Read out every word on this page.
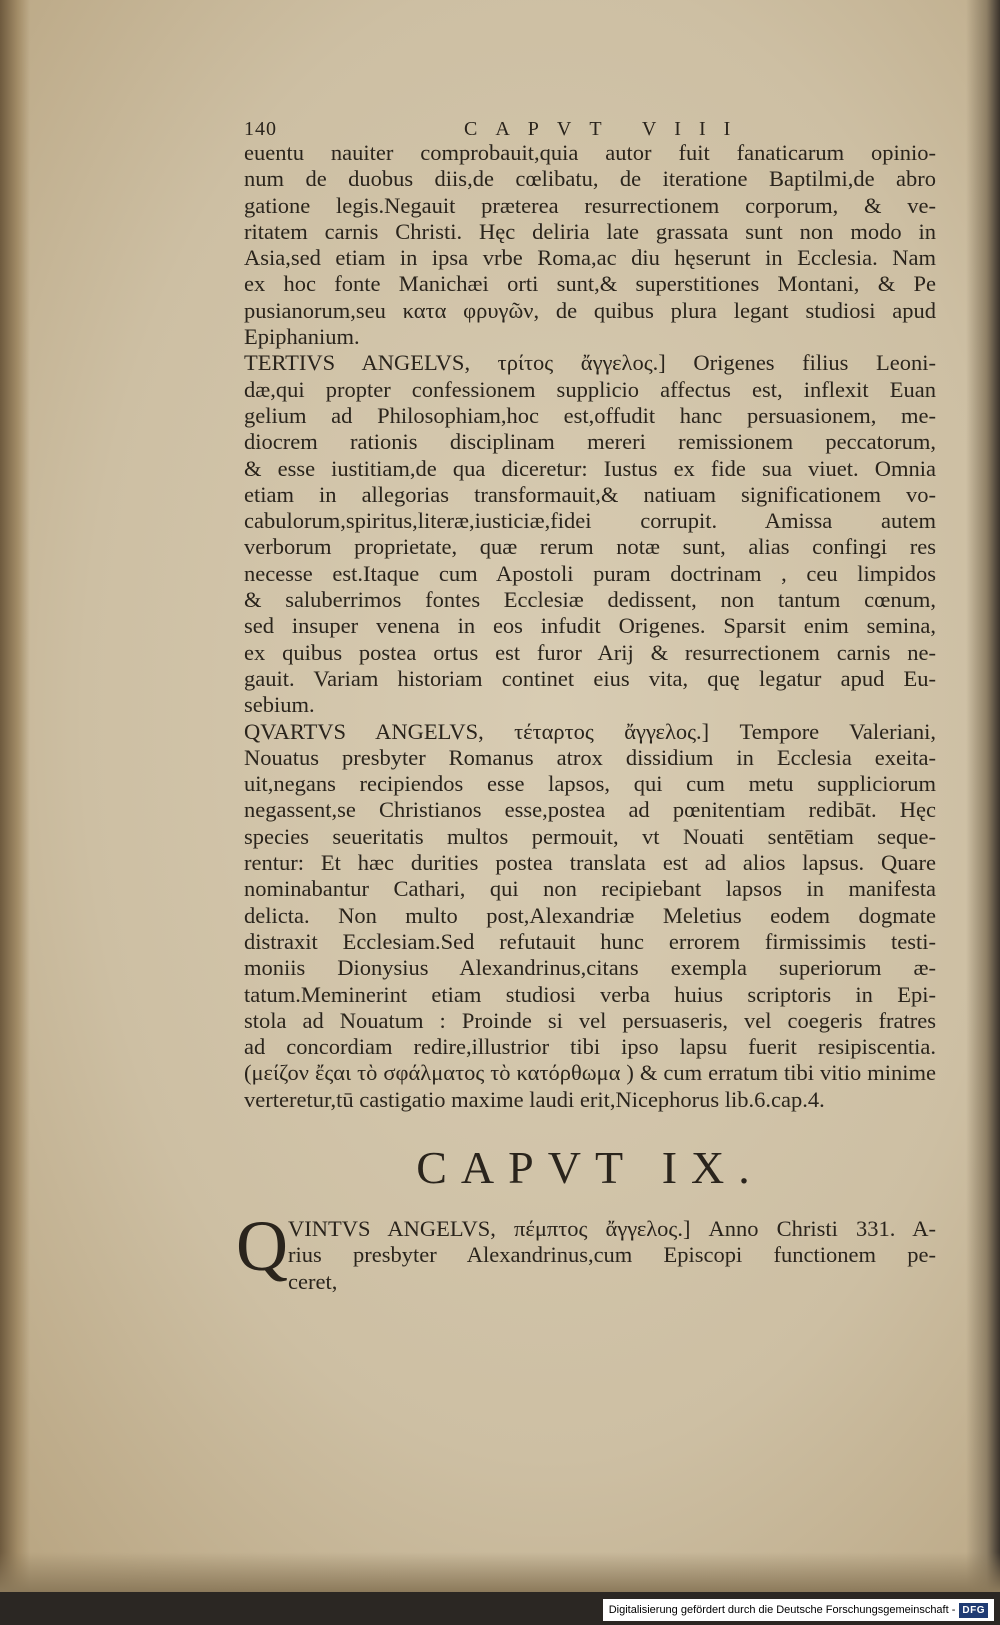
140	CAPVT VIII
euentu nauiter comprobauit,quia autor fuit fanaticarum opinio-
num de duobus diis,de cœlibatu, de iteratione Baptilmi,de abro
gatione legis.Negauit præterea resurrectionem corporum, & ve-
ritatem carnis Christi. Hęc deliria late grassata sunt non modo in
Asia,sed etiam in ipsa vrbe Roma,ac diu hęserunt in Ecclesia. Nam
ex hoc fonte Manichæi orti sunt,& superstitiones Montani, & Pe
pusianorum,seu κατα φρυγῶν, de quibus plura legant studiosi apud
Epiphanium.
TERTIVS ANGELVS, τρίτος ἄγγελος.] Origenes filius Leoni-
dæ,qui propter confessionem supplicio affectus est, inflexit Euan
gelium ad Philosophiam,hoc est,offudit hanc persuasionem, me-
diocrem rationis disciplinam mereri remissionem peccatorum,
& esse iustitiam,de qua diceretur: Iustus ex fide sua viuet. Omnia
etiam in allegorias transformauit,& natiuam significationem vo-
cabulorum,spiritus,literæ,iusticiæ,fidei corrupit. Amissa autem
verborum proprietate, quæ rerum notæ sunt, alias confingi res
necesse est.Itaque cum Apostoli puram doctrinam , ceu limpidos
& saluberrimos fontes Ecclesiæ dedissent, non tantum cœnum,
sed insuper venena in eos infudit Origenes. Sparsit enim semina,
ex quibus postea ortus est furor Arij & resurrectionem carnis ne-
gauit. Variam historiam continet eius vita, quę legatur apud Eu-
sebium.
QVARTVS ANGELVS, τέταρτος ἄγγελος.] Tempore Valeriani,
Nouatus presbyter Romanus atrox dissidium in Ecclesia exeita-
uit,negans recipiendos esse lapsos, qui cum metu suppliciorum
negassent,se Christianos esse,postea ad pœnitentiam redibāt. Hęc
species seueritatis multos permouit, vt Nouati sentētiam seque-
rentur: Et hæc durities postea translata est ad alios lapsus. Quare
nominabantur Cathari, qui non recipiebant lapsos in manifesta
delicta. Non multo post,Alexandriæ Meletius eodem dogmate
distraxit Ecclesiam.Sed refutauit hunc errorem firmissimis testi-
moniis Dionysius Alexandrinus,citans exempla superiorum æ-
tatum.Meminerint etiam studiosi verba huius scriptoris in Epi-
stola ad Nouatum : Proinde si vel persuaseris, vel coegeris fratres
ad concordiam redire,illustrior tibi ipso lapsu fuerit resipiscentia.
(μείζον ἔςαι τὸ σφάλματος τὸ κατόρθωμα ) & cum erratum tibi vitio minime
verteretur,tū castigatio maxime laudi erit,Nicephorus lib.6.cap.4.
CAPVT IX.
Q VINTVS ANGELVS, πέμπτος ἄγγελος.] Anno Christi 331. A-
rius presbyter Alexandrinus,cum Episcopi functionem pe-
ceret,
Digitalisierung gefördert durch die Deutsche Forschungsgemeinschaft - DFG
